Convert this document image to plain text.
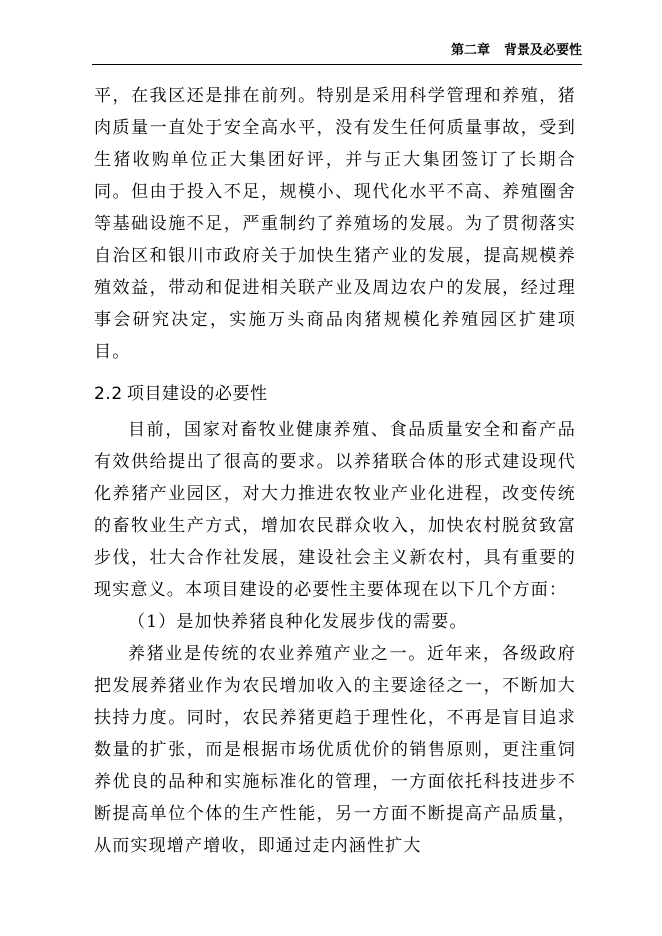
第二章 背景及必要性

平，在我区还是排在前列。特别是采用科学管理和养殖，猪肉质量一直处于安全高水平，没有发生任何质量事故，受到生猪收购单位正大集团好评，并与正大集团签订了长期合同。但由于投入不足，规模小、现代化水平不高、养殖圈舍等基础设施不足，严重制约了养殖场的发展。为了贯彻落实自治区和银川市政府关于加快生猪产业的发展，提高规模养殖效益，带动和促进相关联产业及周边农户的发展，经过理事会研究决定，实施万头商品肉猪规模化养殖园区扩建项目。

2.2 项目建设的必要性

目前，国家对畜牧业健康养殖、食品质量安全和畜产品有效供给提出了很高的要求。以养猪联合体的形式建设现代化养猪产业园区，对大力推进农牧业产业化进程，改变传统的畜牧业生产方式，增加农民群众收入，加快农村脱贫致富步伐，壮大合作社发展，建设社会主义新农村，具有重要的现实意义。本项目建设的必要性主要体现在以下几个方面：

（1）是加快养猪良种化发展步伐的需要。

养猪业是传统的农业养殖产业之一。近年来，各级政府把发展养猪业作为农民增加收入的主要途径之一，不断加大扶持力度。同时，农民养猪更趋于理性化，不再是盲目追求数量的扩张，而是根据市场优质优价的销售原则，更注重饲养优良的品种和实施标准化的管理，一方面依托科技进步不断提高单位个体的生产性能，另一方面不断提高产品质量，从而实现增产增收，即通过走内涵性扩大
